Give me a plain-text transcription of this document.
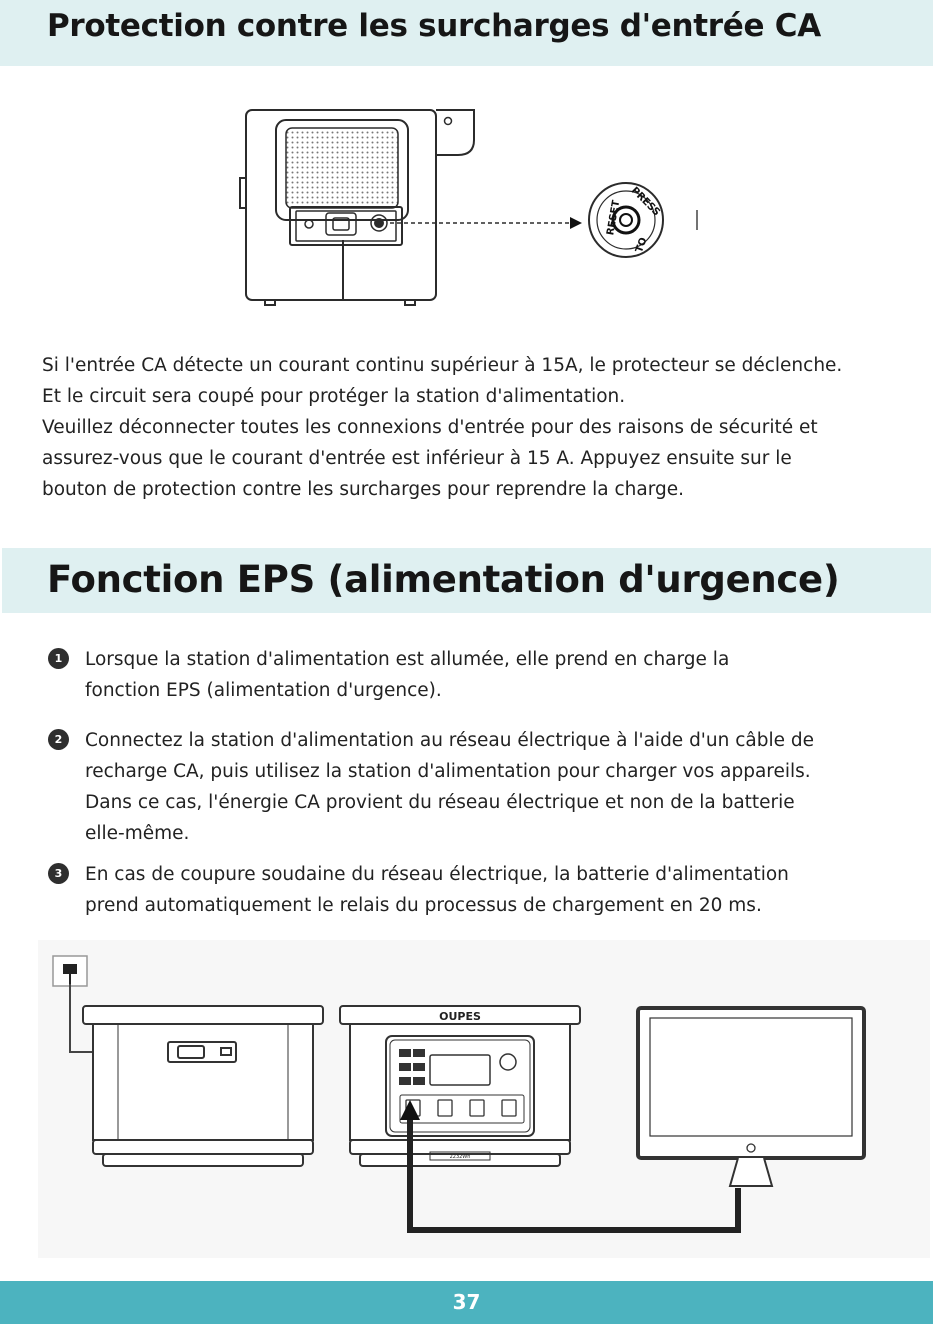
Protection contre les surcharges d'entrée CA
PRESS
TO
RESET

Si l'entrée CA détecte un courant continu supérieur à 15A, le protecteur se déclenche.

Et le circuit sera coupé pour protéger la station d'alimentation.

Veuillez déconnecter toutes les connexions d'entrée pour des raisons de sécurité et

assurez-vous que le courant d'entrée est inférieur à 15 A. Appuyez ensuite sur le

bouton de protection contre les surcharges pour reprendre la charge.

Fonction EPS (alimentation d'urgence)
1	Lorsque la station d'alimentation est allumée, elle prend en charge la

fonction EPS (alimentation d'urgence).

2	Connectez la station d'alimentation au réseau électrique à l'aide d'un câble de

recharge CA, puis utilisez la station d'alimentation pour charger vos appareils.

Dans ce cas, l'énergie CA provient du réseau électrique et non de la batterie

elle-même.

3	En cas de coupure soudaine du réseau électrique, la batterie d'alimentation

prend automatiquement le relais du processus de chargement en 20 ms.

OUPES
2232Wh
37
